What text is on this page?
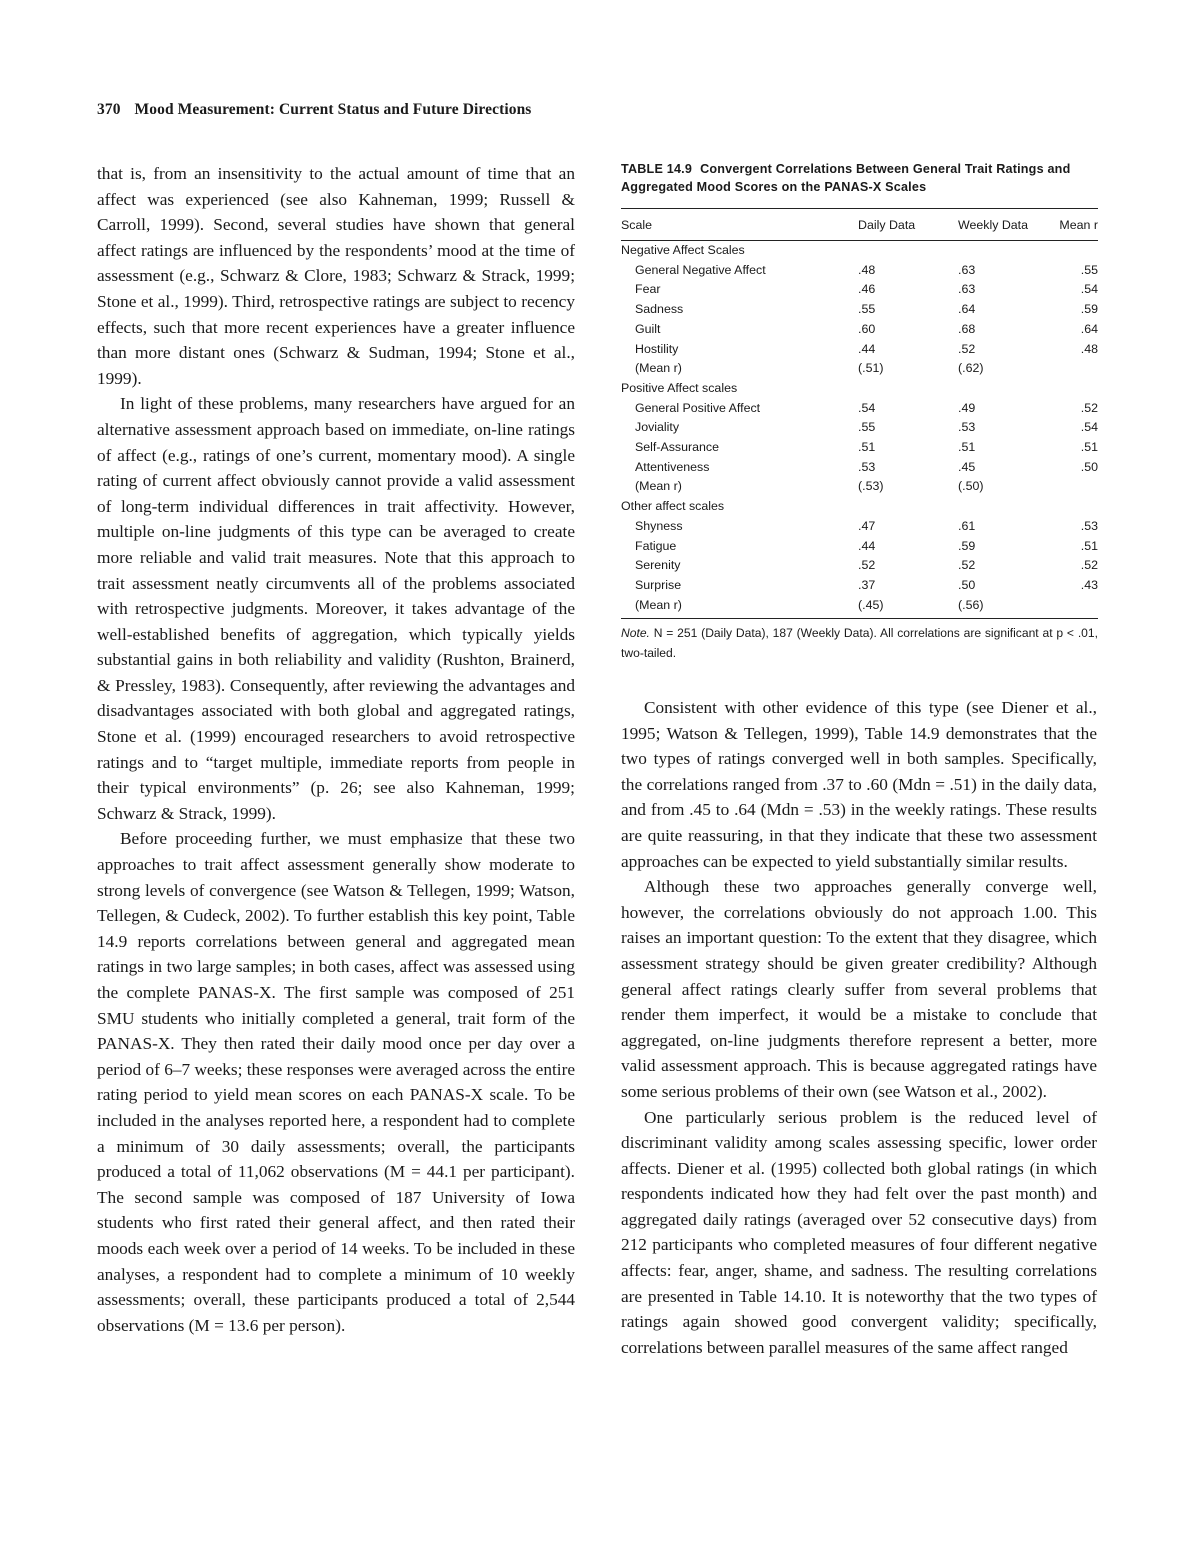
370 Mood Measurement: Current Status and Future Directions

that is, from an insensitivity to the actual amount of time that an affect was experienced (see also Kahneman, 1999; Russell & Carroll, 1999). Second, several studies have shown that general affect ratings are influenced by the respondents’ mood at the time of assessment (e.g., Schwarz & Clore, 1983; Schwarz & Strack, 1999; Stone et al., 1999). Third, retrospective ratings are subject to recency effects, such that more recent experiences have a greater influence than more distant ones (Schwarz & Sudman, 1994; Stone et al., 1999).

In light of these problems, many researchers have argued for an alternative assessment approach based on immediate, on-line ratings of affect (e.g., ratings of one’s current, momentary mood). A single rating of current affect obviously cannot provide a valid assessment of long-term individual differences in trait affectivity. However, multiple on-line judgments of this type can be averaged to create more reliable and valid trait measures. Note that this approach to trait assessment neatly circumvents all of the problems associated with retrospective judgments. Moreover, it takes advantage of the well-established benefits of aggregation, which typically yields substantial gains in both reliability and validity (Rushton, Brainerd, & Pressley, 1983). Consequently, after reviewing the advantages and disadvantages associated with both global and aggregated ratings, Stone et al. (1999) encouraged researchers to avoid retrospective ratings and to “target multiple, immediate reports from people in their typical environments” (p. 26; see also Kahneman, 1999; Schwarz & Strack, 1999).

Before proceeding further, we must emphasize that these two approaches to trait affect assessment generally show moderate to strong levels of convergence (see Watson & Tellegen, 1999; Watson, Tellegen, & Cudeck, 2002). To further establish this key point, Table 14.9 reports correlations between general and aggregated mean ratings in two large samples; in both cases, affect was assessed using the complete PANAS-X. The first sample was composed of 251 SMU students who initially completed a general, trait form of the PANAS-X. They then rated their daily mood once per day over a period of 6–7 weeks; these responses were averaged across the entire rating period to yield mean scores on each PANAS-X scale. To be included in the analyses reported here, a respondent had to complete a minimum of 30 daily assessments; overall, the participants produced a total of 11,062 observations (M = 44.1 per participant). The second sample was composed of 187 University of Iowa students who first rated their general affect, and then rated their moods each week over a period of 14 weeks. To be included in these analyses, a respondent had to complete a minimum of 10 weekly assessments; overall, these participants produced a total of 2,544 observations (M = 13.6 per person).

TABLE 14.9 Convergent Correlations Between General Trait Ratings and Aggregated Mood Scores on the PANAS-X Scales
Scale	Daily Data	Weekly Data	Mean r
Negative Affect Scales			
General Negative Affect	.48	.63	.55
Fear	.46	.63	.54
Sadness	.55	.64	.59
Guilt	.60	.68	.64
Hostility	.44	.52	.48
(Mean r)	(.51)	(.62)	
Positive Affect scales			
General Positive Affect	.54	.49	.52
Joviality	.55	.53	.54
Self-Assurance	.51	.51	.51
Attentiveness	.53	.45	.50
(Mean r)	(.53)	(.50)	
Other affect scales			
Shyness	.47	.61	.53
Fatigue	.44	.59	.51
Serenity	.52	.52	.52
Surprise	.37	.50	.43
(Mean r)	(.45)	(.56)	
Note. N = 251 (Daily Data), 187 (Weekly Data). All correlations are significant at p < .01, two-tailed.

Consistent with other evidence of this type (see Diener et al., 1995; Watson & Tellegen, 1999), Table 14.9 demonstrates that the two types of ratings converged well in both samples. Specifically, the correlations ranged from .37 to .60 (Mdn = .51) in the daily data, and from .45 to .64 (Mdn = .53) in the weekly ratings. These results are quite reassuring, in that they indicate that these two assessment approaches can be expected to yield substantially similar results.

Although these two approaches generally converge well, however, the correlations obviously do not approach 1.00. This raises an important question: To the extent that they disagree, which assessment strategy should be given greater credibility? Although general affect ratings clearly suffer from several problems that render them imperfect, it would be a mistake to conclude that aggregated, on-line judgments therefore represent a better, more valid assessment approach. This is because aggregated ratings have some serious problems of their own (see Watson et al., 2002).

One particularly serious problem is the reduced level of discriminant validity among scales assessing specific, lower order affects. Diener et al. (1995) collected both global ratings (in which respondents indicated how they had felt over the past month) and aggregated daily ratings (averaged over 52 consecutive days) from 212 participants who completed measures of four different negative affects: fear, anger, shame, and sadness. The resulting correlations are presented in Table 14.10. It is noteworthy that the two types of ratings again showed good convergent validity; specifically, correlations between parallel measures of the same affect ranged
